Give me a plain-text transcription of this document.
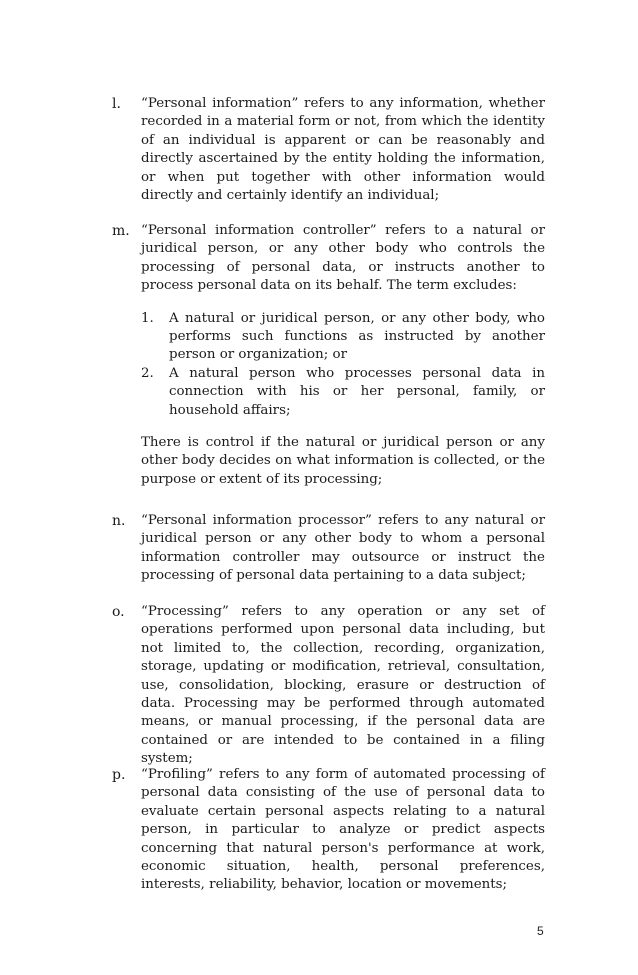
l. “Personal information” refers to any information, whether recorded in a material form or not, from which the identity of an individual is apparent or can be reasonably and directly ascertained by the entity holding the information, or when put together with other information would directly and certainly identify an individual;
m. “Personal information controller” refers to a natural or juridical person, or any other body who controls the processing of personal data, or instructs another to process personal data on its behalf. The term excludes:
1. A natural or juridical person, or any other body, who performs such functions as instructed by another person or organization; or
2. A natural person who processes personal data in connection with his or her personal, family, or household affairs;
There is control if the natural or juridical person or any other body decides on what information is collected, or the purpose or extent of its processing;
n. “Personal information processor” refers to any natural or juridical person or any other body to whom a personal information controller may outsource or instruct the processing of personal data pertaining to a data subject;
o. “Processing” refers to any operation or any set of operations performed upon personal data including, but not limited to, the collection, recording, organization, storage, updating or modification, retrieval, consultation, use, consolidation, blocking, erasure or destruction of data. Processing may be performed through automated means, or manual processing, if the personal data are contained or are intended to be contained in a filing system;
p. “Profiling” refers to any form of automated processing of personal data consisting of the use of personal data to evaluate certain personal aspects relating to a natural person, in particular to analyze or predict aspects concerning that natural person's performance at work, economic situation, health, personal preferences, interests, reliability, behavior, location or movements;
5
